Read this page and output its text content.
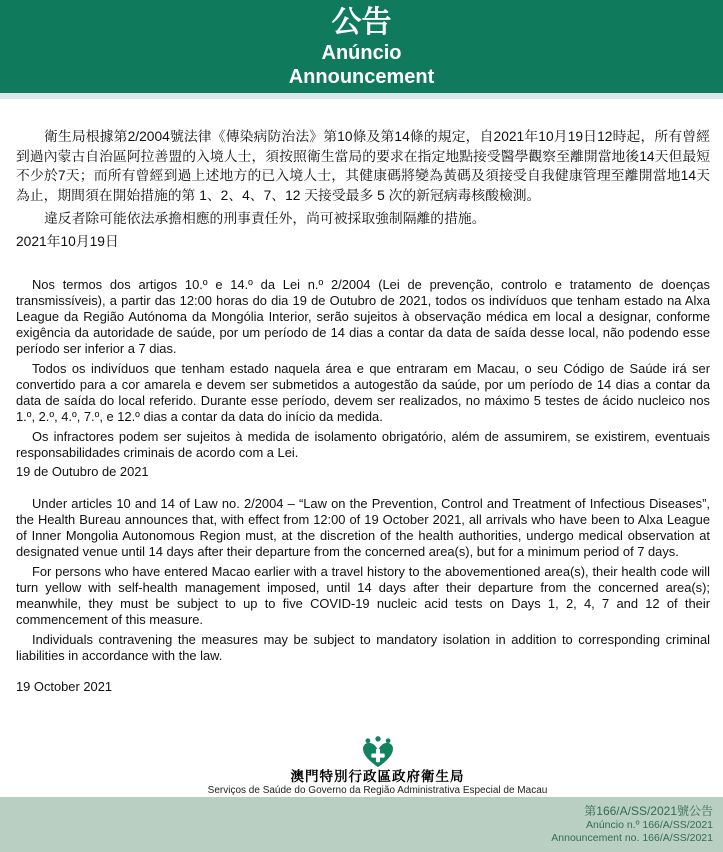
公告
Anúncio
Announcement

衛生局根據第2/2004號法律《傳染病防治法》第10條及第14條的規定，自2021年10月19日12時起，所有曾經到過內蒙古自治區阿拉善盟的入境人士，須按照衛生當局的要求在指定地點接受醫學觀察至離開當地後14天但最短不少於7天；而所有曾經到過上述地方的已入境人士，其健康碼將變為黃碼及須接受自我健康管理至離開當地14天為止，期間須在開始措施的第 1、2、4、7、12 天接受最多 5 次的新冠病毒核酸檢測。

違反者除可能依法承擔相應的刑事責任外，尚可被採取強制隔離的措施。

2021年10月19日

Nos termos dos artigos 10.º e 14.º da Lei n.º 2/2004 (Lei de prevenção, controlo e tratamento de doenças transmissíveis), a partir das 12:00 horas do dia 19 de Outubro de 2021, todos os indivíduos que tenham estado na Alxa League da Região Autónoma da Mongólia Interior, serão sujeitos à observação médica em local a designar, conforme exigência da autoridade de saúde, por um período de 14 dias a contar da data de saída desse local, não podendo esse período ser inferior a 7 dias.

Todos os indivíduos que tenham estado naquela área e que entraram em Macau, o seu Código de Saúde irá ser convertido para a cor amarela e devem ser submetidos a autogestão da saúde, por um período de 14 dias a contar da data de saída do local referido. Durante esse período, devem ser realizados, no máximo 5 testes de ácido nucleico nos 1.º, 2.º, 4.º, 7.º, e 12.º dias a contar da data do início da medida.

Os infractores podem ser sujeitos à medida de isolamento obrigatório, além de assumirem, se existirem, eventuais responsabilidades criminais de acordo com a Lei.

19 de Outubro de 2021

Under articles 10 and 14 of Law no. 2/2004 – “Law on the Prevention, Control and Treatment of Infectious Diseases”, the Health Bureau announces that, with effect from 12:00 of 19 October 2021, all arrivals who have been to Alxa League of Inner Mongolia Autonomous Region must, at the discretion of the health authorities, undergo medical observation at designated venue until 14 days after their departure from the concerned area(s), but for a minimum period of 7 days.

For persons who have entered Macao earlier with a travel history to the abovementioned area(s), their health code will turn yellow with self-health management imposed, until 14 days after their departure from the concerned area(s); meanwhile, they must be subject to up to five COVID-19 nucleic acid tests on Days 1, 2, 4, 7 and 12 of their commencement of this measure.

Individuals contravening the measures may be subject to mandatory isolation in addition to corresponding criminal liabilities in accordance with the law.

19 October 2021

澳門特別行政區政府衛生局
Serviços de Saúde do Governo da Região Administrativa Especial de Macau
第166/A/SS/2021號公告
Anúncio n.º 166/A/SS/2021
Announcement no. 166/A/SS/2021
